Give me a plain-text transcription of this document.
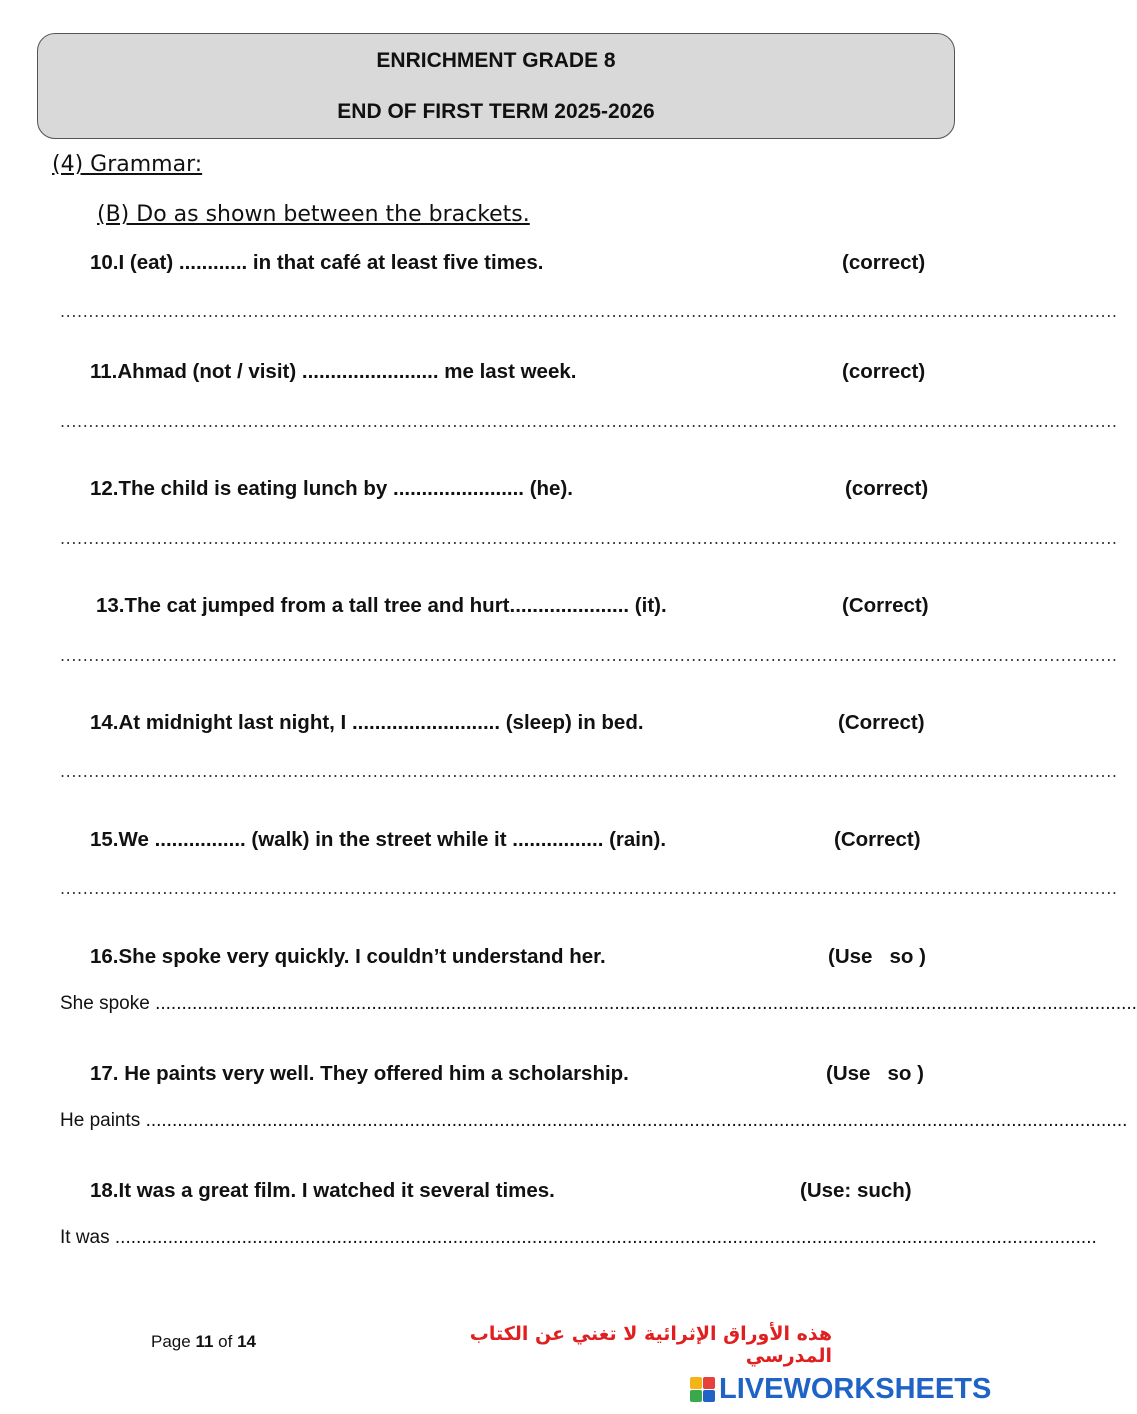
ENRICHMENT GRADE 8
END OF FIRST TERM 2025-2026
(4) Grammar:
(B) Do as shown between the brackets.
10.I (eat) ............ in that café at least five times.	(correct)
..........................................................................................................................................................................................
11.Ahmad (not / visit) ........................ me last week.	(correct)
..........................................................................................................................................................................................
12.The child is eating lunch by ....................... (he).	(correct)
..........................................................................................................................................................................................
13.The cat jumped from a tall tree and hurt..................... (it).	(Correct)
..........................................................................................................................................................................................
14.At midnight last night, I .......................... (sleep) in bed.	(Correct)
..........................................................................................................................................................................................
15.We ................ (walk) in the street while it ................ (rain).	(Correct)
..........................................................................................................................................................................................
16.She spoke very quickly. I couldn’t understand her.	(Use   so )
She spoke ..........................................................................................................................................................................................
17. He paints very well. They offered him a scholarship.	(Use   so )
He paints ..........................................................................................................................................................................................
18.It was a great film. I watched it several times.	(Use: such)
It was ..........................................................................................................................................................................................
Page 11 of 14	هذه الأوراق الإثرائية لا تغني عن الكتاب المدرسي
LIVEWORKSHEETS
